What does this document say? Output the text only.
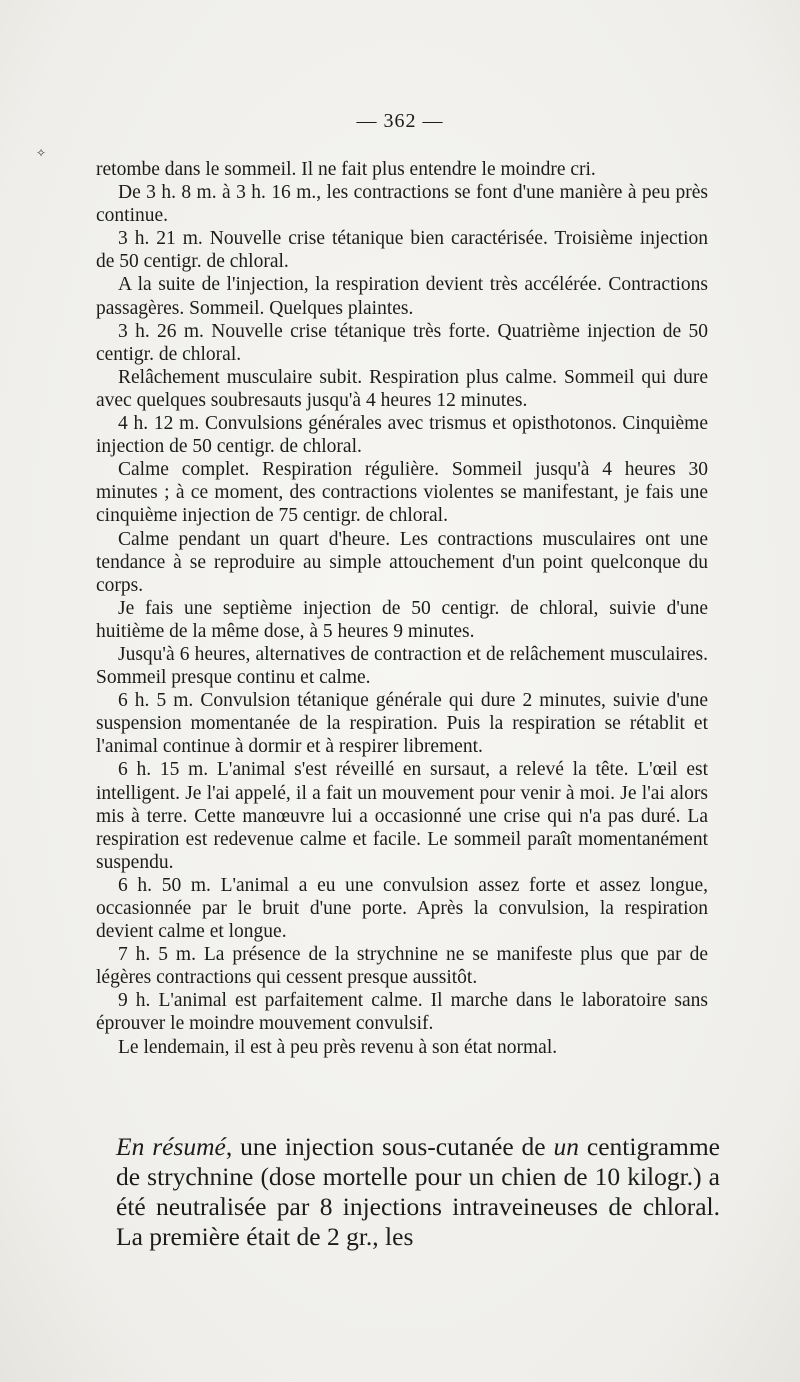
— 362 —
✧

retombe dans le sommeil. Il ne fait plus entendre le moindre cri.

De 3 h. 8 m. à 3 h. 16 m., les contractions se font d'une manière à peu près continue.

3 h. 21 m. Nouvelle crise tétanique bien caractérisée. Troisième injection de 50 centigr. de chloral.

A la suite de l'injection, la respiration devient très accélérée. Contractions passagères. Sommeil. Quelques plaintes.

3 h. 26 m. Nouvelle crise tétanique très forte. Quatrième injection de 50 centigr. de chloral.

Relâchement musculaire subit. Respiration plus calme. Sommeil qui dure avec quelques soubresauts jusqu'à 4 heures 12 minutes.

4 h. 12 m. Convulsions générales avec trismus et opisthotonos. Cinquième injection de 50 centigr. de chloral.

Calme complet. Respiration régulière. Sommeil jusqu'à 4 heures 30 minutes ; à ce moment, des contractions violentes se manifestant, je fais une cinquième injection de 75 centigr. de chloral.

Calme pendant un quart d'heure. Les contractions musculaires ont une tendance à se reproduire au simple attouchement d'un point quelconque du corps.

Je fais une septième injection de 50 centigr. de chloral, suivie d'une huitième de la même dose, à 5 heures 9 minutes.

Jusqu'à 6 heures, alternatives de contraction et de relâchement musculaires. Sommeil presque continu et calme.

6 h. 5 m. Convulsion tétanique générale qui dure 2 minutes, suivie d'une suspension momentanée de la respiration. Puis la respiration se rétablit et l'animal continue à dormir et à respirer librement.

6 h. 15 m. L'animal s'est réveillé en sursaut, a relevé la tête. L'œil est intelligent. Je l'ai appelé, il a fait un mouvement pour venir à moi. Je l'ai alors mis à terre. Cette manœuvre lui a occasionné une crise qui n'a pas duré. La respiration est redevenue calme et facile. Le sommeil paraît momentanément suspendu.

6 h. 50 m. L'animal a eu une convulsion assez forte et assez longue, occasionnée par le bruit d'une porte. Après la convulsion, la respiration devient calme et longue.

7 h. 5 m. La présence de la strychnine ne se manifeste plus que par de légères contractions qui cessent presque aussitôt.

9 h. L'animal est parfaitement calme. Il marche dans le laboratoire sans éprouver le moindre mouvement convulsif.

Le lendemain, il est à peu près revenu à son état normal.

En résumé, une injection sous-cutanée de un centigramme de strychnine (dose mortelle pour un chien de 10 kilogr.) a été neutralisée par 8 injections intraveineuses de chloral. La première était de 2 gr., les
